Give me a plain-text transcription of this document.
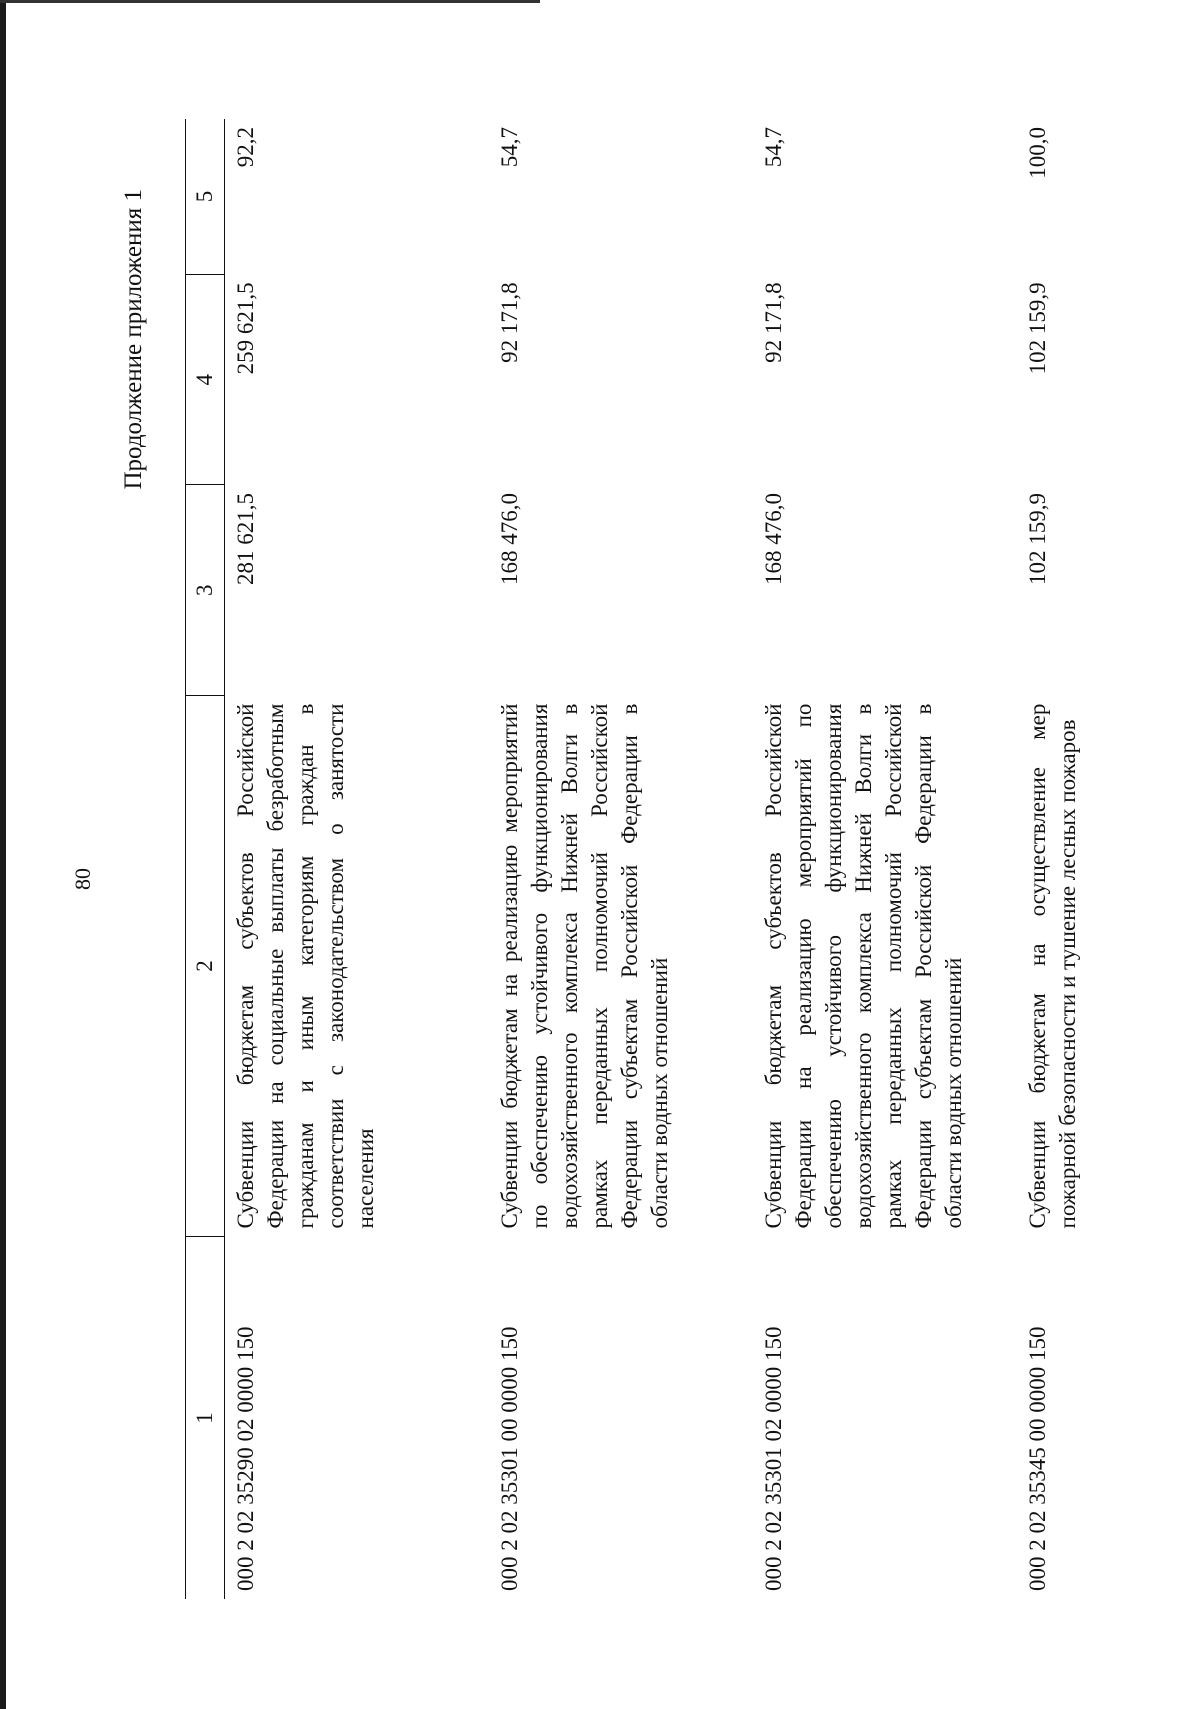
80
Продолжение приложения 1
1	2	3	4	5
000 2 02 35290 02 0000 150	Субвенции бюджетам субъектов Российской Федерации на социальные выплаты безработным гражданам и иным категориям граждан в соответствии с законодательством о занятости населения	281 621,5	259 621,5	92,2
000 2 02 35301 00 0000 150	Субвенции бюджетам на реализацию мероприятий по обеспечению устойчивого функционирования водохозяйственного комплекса Нижней Волги в рамках переданных полномочий Российской Федерации субъектам Российской Федерации в области водных отношений	168 476,0	92 171,8	54,7
000 2 02 35301 02 0000 150	Субвенции бюджетам субъектов Российской Федерации на реализацию мероприятий по обеспечению устойчивого функционирования водохозяйственного комплекса Нижней Волги в рамках переданных полномочий Российской Федерации субъектам Российской Федерации в области водных отношений	168 476,0	92 171,8	54,7
000 2 02 35345 00 0000 150	Субвенции бюджетам на осуществление мер пожарной безопасности и тушение лесных пожаров	102 159,9	102 159,9	100,0
